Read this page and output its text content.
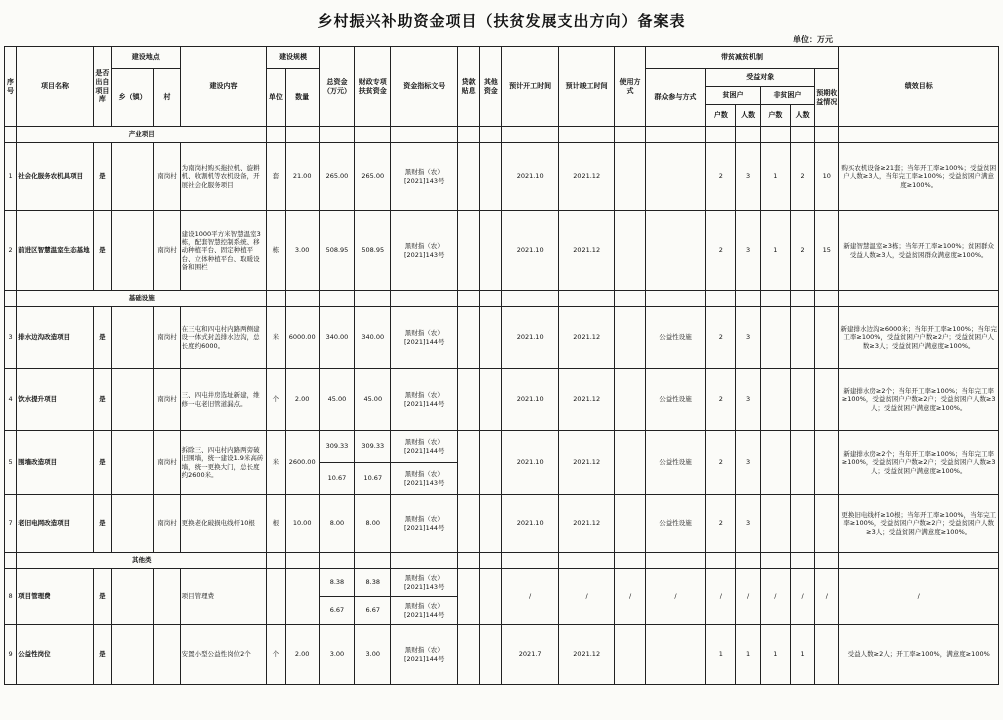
乡村振兴补助资金项目（扶贫发展支出方向）备案表
单位：万元
序号	项目名称	是否出自项目库	建设地点		建设内容	建设规模		总资金（万元）	财政专项扶贫资金	资金指标文号	贷款贴息	其他资金	预计开工时间	预计竣工时间	使用方式	带贫减贫机制						绩效目标
			乡（镇）	村		单位	数量									群众参与方式	受益对象				预期收益情况	
																	贫困户		非贫困户			
																	户数	人数	户数	人数		
	产业项目																					
1	社会化服务农机具项目	是		南岗村	为南岗村购买拖拉机、旋耕机、收割机等农机设备，开展社会化服务项目	套	21.00	265.00	265.00	黑财指（农）[2021]143号			2021.10	2021.12			2	3	1	2	10	购买农机设备≥21套；当年开工率≥100%；受益贫困户人数≥3人，当年完工率≥100%；受益贫困户满意度≥100%。
2	前进区智慧温室生态基地	是		南岗村	建设1000平方米智慧温室3栋，配套智慧控制系统、移动种植平台、固定种植平台、立体种植平台、取暖设备和围栏	栋	3.00	508.95	508.95	黑财指（农）[2021]143号			2021.10	2021.12			2	3	1	2	15	新建智慧温室≥3栋；当年开工率≥100%；贫困群众受益人数≥3人，受益贫困群众满意度≥100%。
	基础设施																					
3	排水边沟改造项目	是		南岗村	在三屯和四屯村内路两侧建设一体式封盖排水边沟，总长度约6000。	米	6000.00	340.00	340.00	黑财指（农）[2021]144号			2021.10	2021.12		公益性设施	2	3				新建排水边沟≥6000米；当年开工率≥100%；当年完工率≥100%，受益贫困户户数≥2户；受益贫困户人数≥3人；受益贫困户满意度≥100%。
4	饮水提升项目	是		南岗村	三、四屯井房选址新建，维修一屯老旧管道漏点。	个	2.00	45.00	45.00	黑财指（农）[2021]144号			2021.10	2021.12		公益性设施	2	3				新建排水房≥2个；当年开工率≥100%；当年完工率≥100%，受益贫困户户数≥2户；受益贫困户人数≥3人；受益贫困户满意度≥100%。
5	围墙改造项目	是		南岗村	拆除三、四屯村内路两旁破旧围墙，统一建设1.9米高砖墙，统一更换大门，总长度约2600米。	米	2600.00	309.33	309.33	黑财指（农）[2021]144号			2021.10	2021.12		公益性设施	2	3				新建排水房≥2个；当年开工率≥100%；当年完工率≥100%，受益贫困户户数≥2户；受益贫困户人数≥3人；受益贫困户满意度≥100%。
								10.67	10.67	黑财指（农）[2021]143号												
7	老旧电网改造项目	是		南岗村	更换老化破损电线杆10根	根	10.00	8.00	8.00	黑财指（农）[2021]144号			2021.10	2021.12		公益性设施	2	3				更换旧电线杆≥10根；当年开工率≥100%，当年完工率≥100%，受益贫困户户数≥2户；受益贫困户人数≥3人；受益贫困户满意度≥100%。
	其他类																					
8	项目管理费	是			项目管理费			8.38	8.38	黑财指（农）[2021]143号			/	/	/	/	/	/	/	/	/	/
								6.67	6.67	黑财指（农）[2021]144号												
9	公益性岗位	是			安置小型公益性岗位2个	个	2.00	3.00	3.00	黑财指（农）[2021]144号			2021.7	2021.12			1	1	1	1		受益人数≥2人；开工率≥100%，满意度≥100%
